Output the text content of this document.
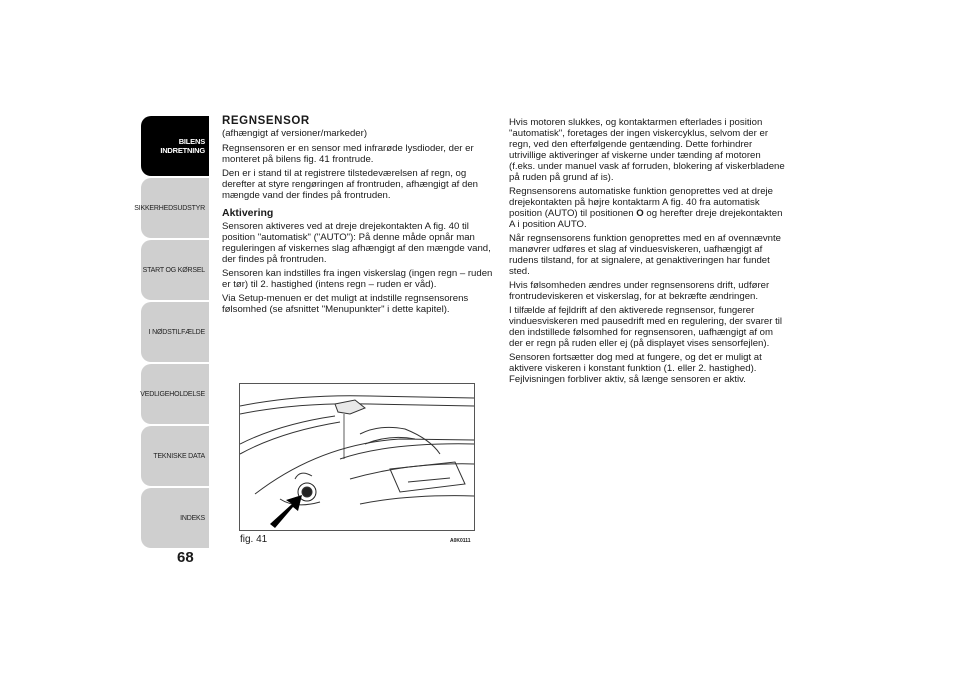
BILENS
INDRETNING
SIKKERHEDSUDSTYR
START OG KØRSEL
I NØDSTILFÆLDE
VEDLIGEHOLDELSE
TEKNISKE DATA
INDEKS
68
REGNSENSOR
(afhængigt af versioner/markeder)

Regnsensoren er en sensor med infrarøde lysdioder, der er monteret på bilens fig. 41 frontrude.

Den er i stand til at registrere tilstedeværelsen af regn, og derefter at styre rengøringen af frontruden, afhængigt af den mængde vand der findes på frontruden.

Aktivering

Sensoren aktiveres ved at dreje drejekontakten A fig. 40 til position "automatisk" ("AUTO"): På denne måde opnår man reguleringen af viskernes slag afhængigt af den mængde vand, der findes på frontruden.

Sensoren kan indstilles fra ingen viskerslag (ingen regn – ruden er tør) til 2. hastighed (intens regn – ruden er våd).

Via Setup-menuen er det muligt at indstille regnsensorens følsomhed (se afsnittet "Menupunkter" i dette kapitel).

Hvis motoren slukkes, og kontaktarmen efterlades i position "automatisk", foretages der ingen viskercyklus, selvom der er regn, ved den efterfølgende gentænding. Dette forhindrer utrivillige aktiveringer af viskerne under tænding af motoren (f.eks. under manuel vask af forruden, blokering af viskerbladene på ruden på grund af is).

Regnsensorens automatiske funktion genoprettes ved at dreje drejekontakten på højre kontaktarm A fig. 40 fra automatisk position (AUTO) til positionen O og herefter dreje drejekontakten A i position AUTO.

Når regnsensorens funktion genoprettes med en af ovennævnte manøvrer udføres et slag af vinduesviskeren, uafhængigt af rudens tilstand, for at signalere, at genaktiveringen har fundet sted.

Hvis følsomheden ændres under regnsensorens drift, udfører frontrudeviskeren et viskerslag, for at bekræfte ændringen.

I tilfælde af fejldrift af den aktiverede regnsensor, fungerer vinduesviskeren med pausedrift med en regulering, der svarer til den indstillede følsomhed for regnsensoren, uafhængigt af om der er regn på ruden eller ej (på displayet vises sensorfejlen).

Sensoren fortsætter dog med at fungere, og det er muligt at aktivere viskeren i konstant funktion (1. eller 2. hastighed). Fejlvisningen forbliver aktiv, så længe sensoren er aktiv.

fig. 41	A0K0111
